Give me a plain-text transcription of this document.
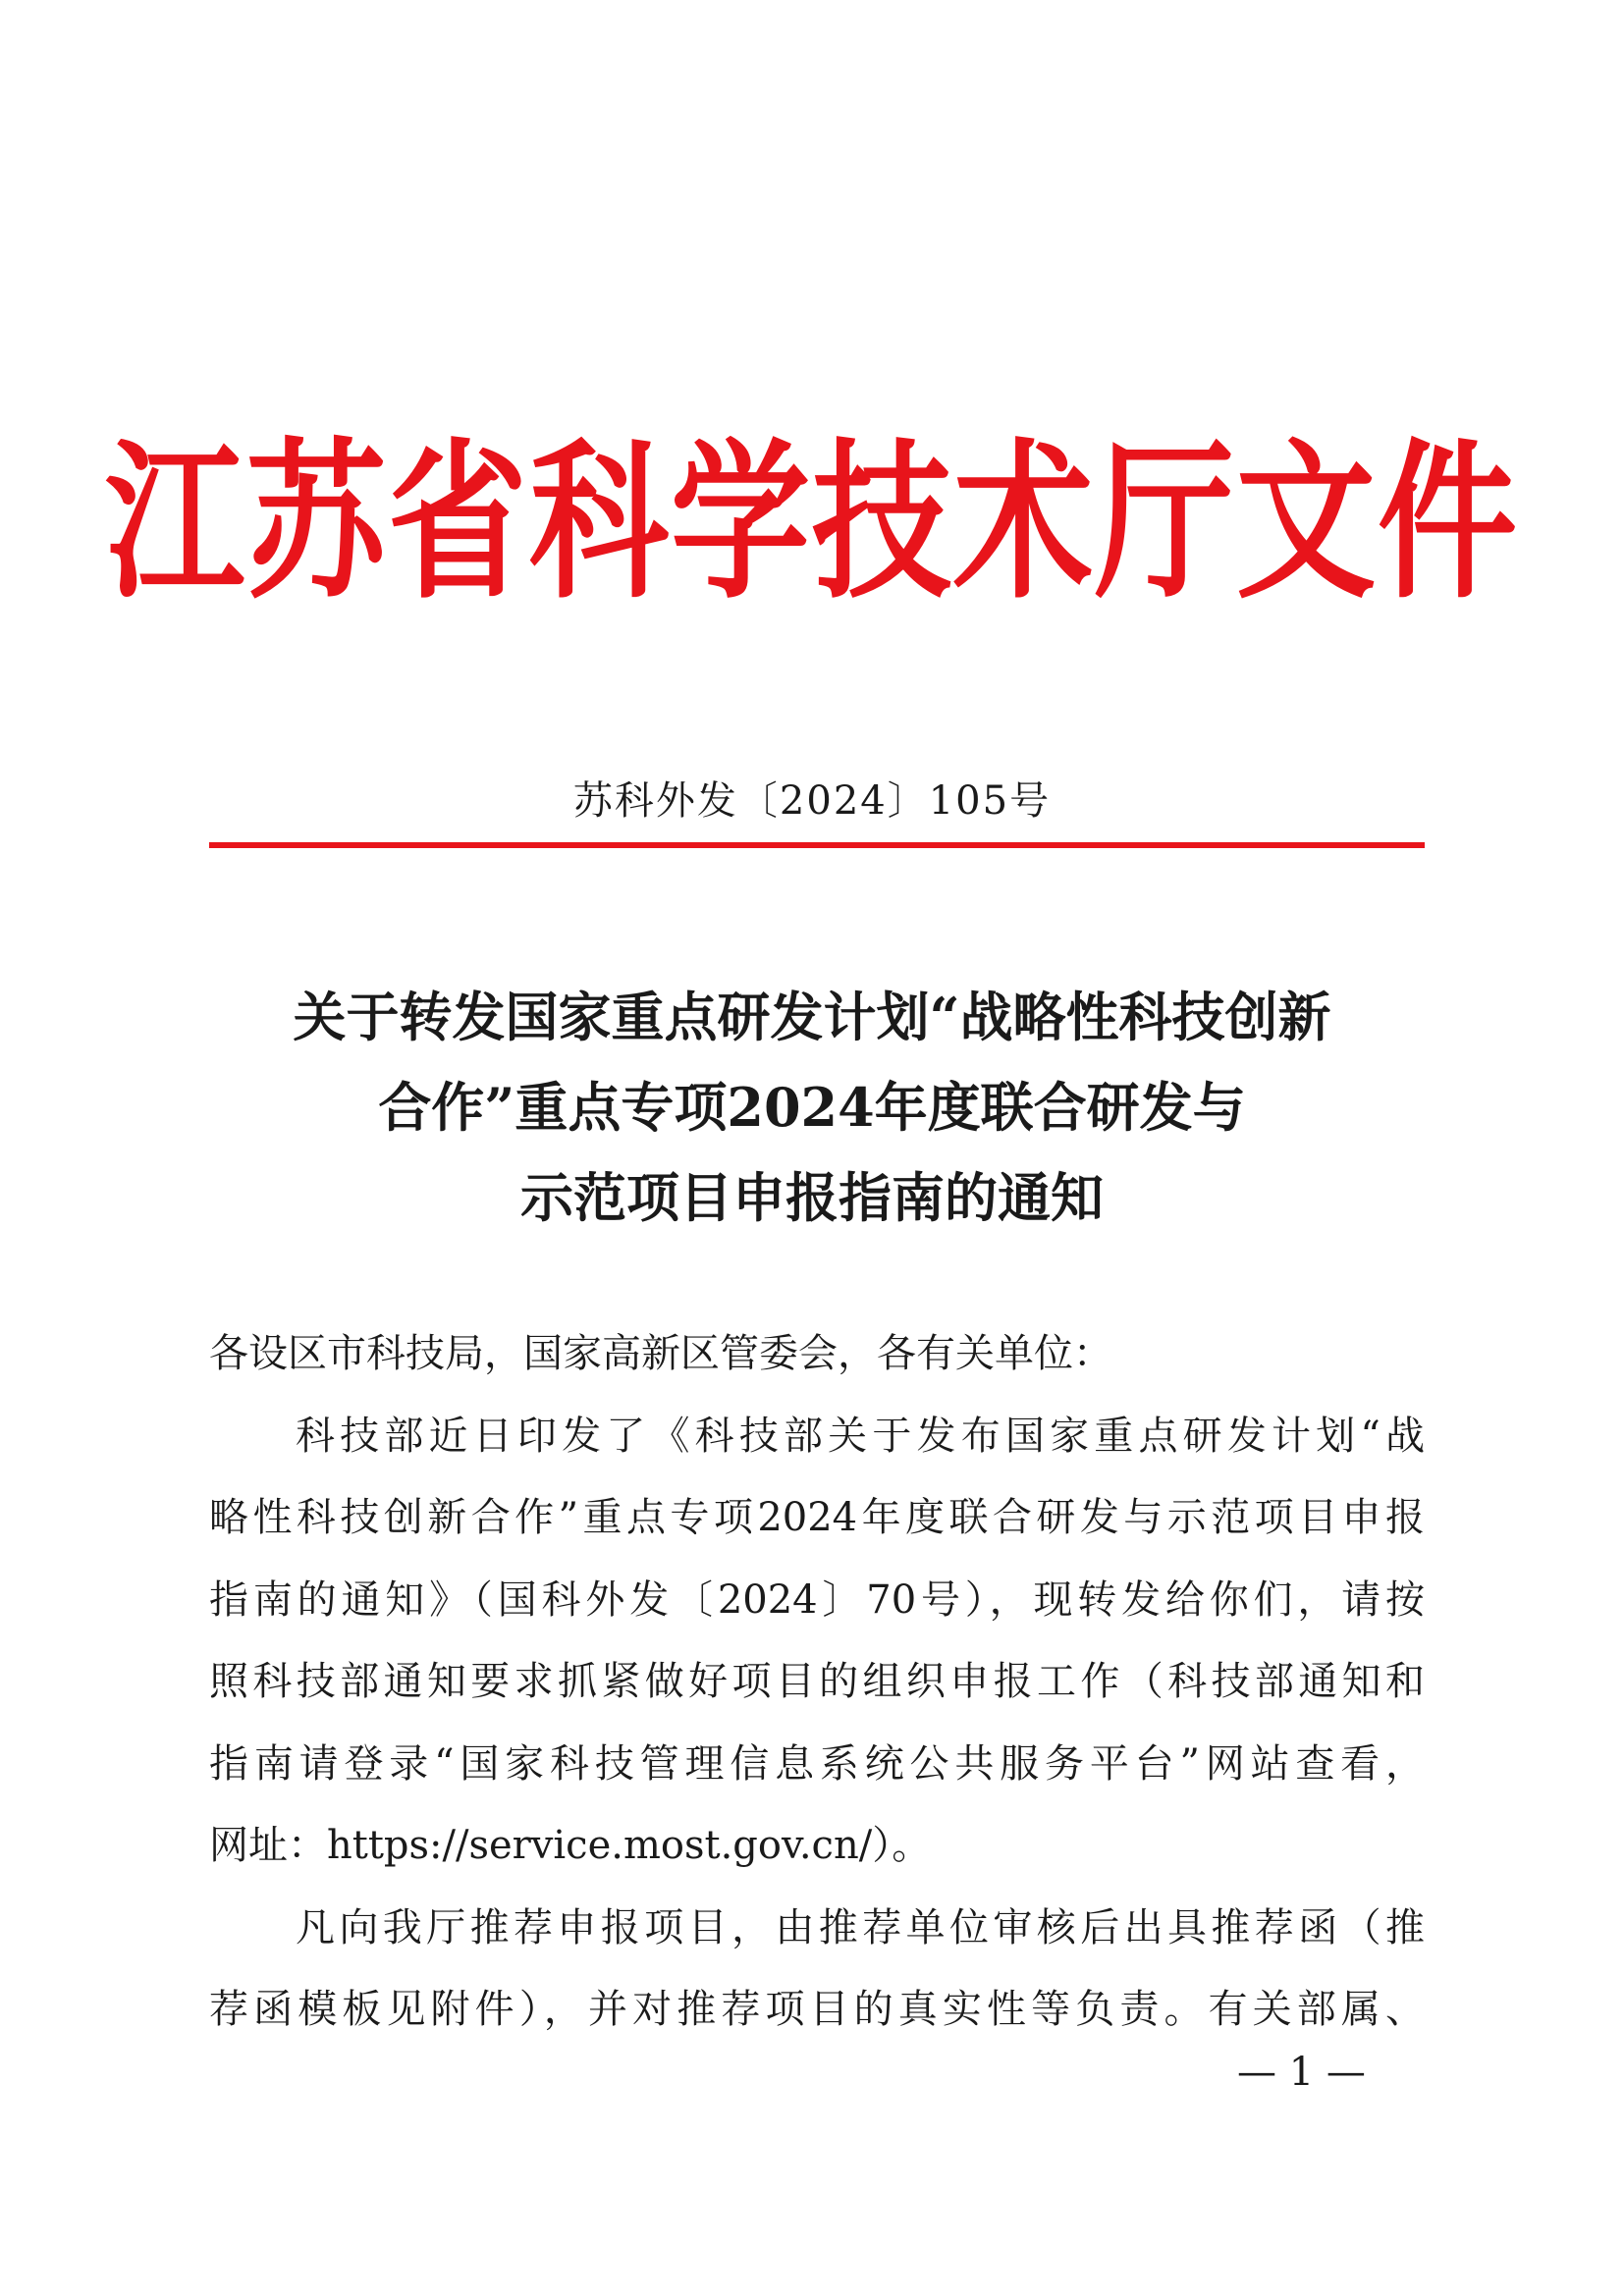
江苏省科学技术厅文件
苏科外发〔2024〕105号
关于转发国家重点研发计划“战略性科技创新
合作”重点专项2024年度联合研发与
示范项目申报指南的通知
各设区市科技局，国家高新区管委会，各有关单位：
科技部近日印发了《科技部关于发布国家重点研发计划“战
略性科技创新合作”重点专项2024年度联合研发与示范项目申报
指南的通知》（国科外发〔2024〕70号），现转发给你们，请按
照科技部通知要求抓紧做好项目的组织申报工作（科技部通知和
指南请登录“国家科技管理信息系统公共服务平台”网站查看，
网址：https://service.most.gov.cn/）。
凡向我厅推荐申报项目，由推荐单位审核后出具推荐函（推
荐函模板见附件），并对推荐项目的真实性等负责。有关部属、
— 1 —
